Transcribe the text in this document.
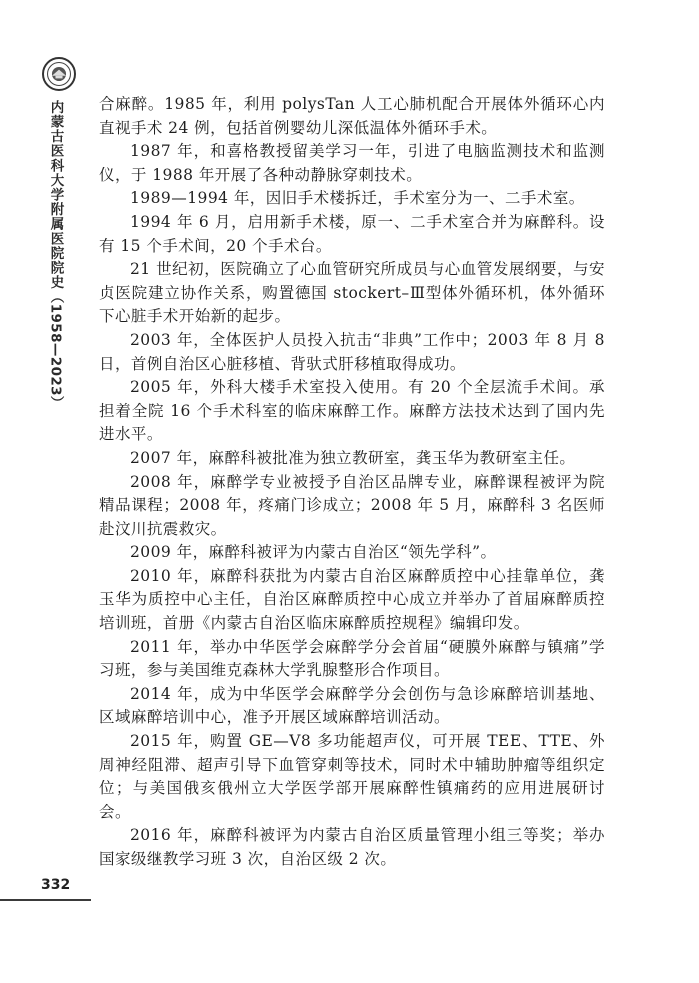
内蒙古医科大学附属医院院史（1958—2023）
332

合麻醉。1985 年，利用 polysTan 人工心肺机配合开展体外循环心内直视手术 24 例，包括首例婴幼儿深低温体外循环手术。

1987 年，和喜格教授留美学习一年，引进了电脑监测技术和监测仪，于 1988 年开展了各种动静脉穿刺技术。

1989—1994 年，因旧手术楼拆迁，手术室分为一、二手术室。

1994 年 6 月，启用新手术楼，原一、二手术室合并为麻醉科。设有 15 个手术间，20 个手术台。

21 世纪初，医院确立了心血管研究所成员与心血管发展纲要，与安贞医院建立协作关系，购置德国 stockert–Ⅲ型体外循环机，体外循环下心脏手术开始新的起步。

2003 年，全体医护人员投入抗击“非典”工作中；2003 年 8 月 8 日，首例自治区心脏移植、背驮式肝移植取得成功。

2005 年，外科大楼手术室投入使用。有 20 个全层流手术间。承担着全院 16 个手术科室的临床麻醉工作。麻醉方法技术达到了国内先进水平。

2007 年，麻醉科被批准为独立教研室，龚玉华为教研室主任。

2008 年，麻醉学专业被授予自治区品牌专业，麻醉课程被评为院精品课程；2008 年，疼痛门诊成立；2008 年 5 月，麻醉科 3 名医师赴汶川抗震救灾。

2009 年，麻醉科被评为内蒙古自治区“领先学科”。

2010 年，麻醉科获批为内蒙古自治区麻醉质控中心挂靠单位，龚玉华为质控中心主任，自治区麻醉质控中心成立并举办了首届麻醉质控培训班，首册《内蒙古自治区临床麻醉质控规程》编辑印发。

2011 年，举办中华医学会麻醉学分会首届“硬膜外麻醉与镇痛”学习班，参与美国维克森林大学乳腺整形合作项目。

2014 年，成为中华医学会麻醉学分会创伤与急诊麻醉培训基地、区域麻醉培训中心，准予开展区域麻醉培训活动。

2015 年，购置 GE—V8 多功能超声仪，可开展 TEE、TTE、外周神经阻滞、超声引导下血管穿刺等技术，同时术中辅助肿瘤等组织定位；与美国俄亥俄州立大学医学部开展麻醉性镇痛药的应用进展研讨会。

2016 年，麻醉科被评为内蒙古自治区质量管理小组三等奖；举办国家级继教学习班 3 次，自治区级 2 次。
